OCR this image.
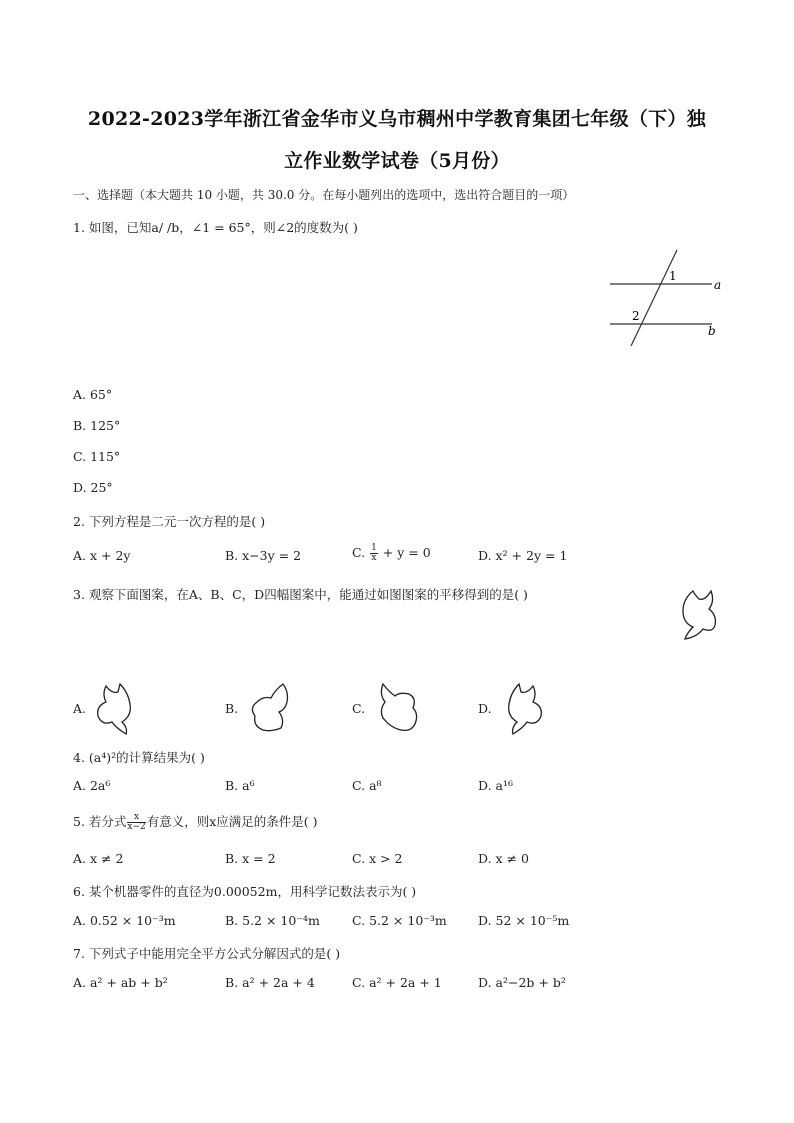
2022-2023学年浙江省金华市义乌市稠州中学教育集团七年级（下）独
立作业数学试卷（5月份）
一、选择题（本大题共 10 小题，共 30.0 分。在每小题列出的选项中，选出符合题目的一项）
1. 如图，已知a/ /b，∠1 = 65°，则∠2的度数为( )
1
2
a
b
A. 65°
B. 125°
C. 115°
D. 25°
2. 下列方程是二元一次方程的是( )
A. x + 2y	B. x−3y = 2	C. $\frac{1}{x} + y = 0$	D. x² + 2y = 1
3. 观察下面图案，在A、B、C，D四幅图案中，能通过如图图案的平移得到的是( )
A.	B.	C.	D.
4. (a⁴)²的计算结果为( )
A. 2a⁶	B. a⁶	C. a⁸	D. a¹⁶
5. 若分式 $\frac{x}{x-2}$ 有意义，则x应满足的条件是( )
A. x ≠ 2	B. x = 2	C. x > 2	D. x ≠ 0
6. 某个机器零件的直径为0.00052m，用科学记数法表示为( )
A. 0.52 × 10⁻³m	B. 5.2 × 10⁻⁴m	C. 5.2 × 10⁻³m	D. 52 × 10⁻⁵m
7. 下列式子中能用完全平方公式分解因式的是( )
A. a² + ab + b²	B. a² + 2a + 4	C. a² + 2a + 1	D. a²−2b + b²
